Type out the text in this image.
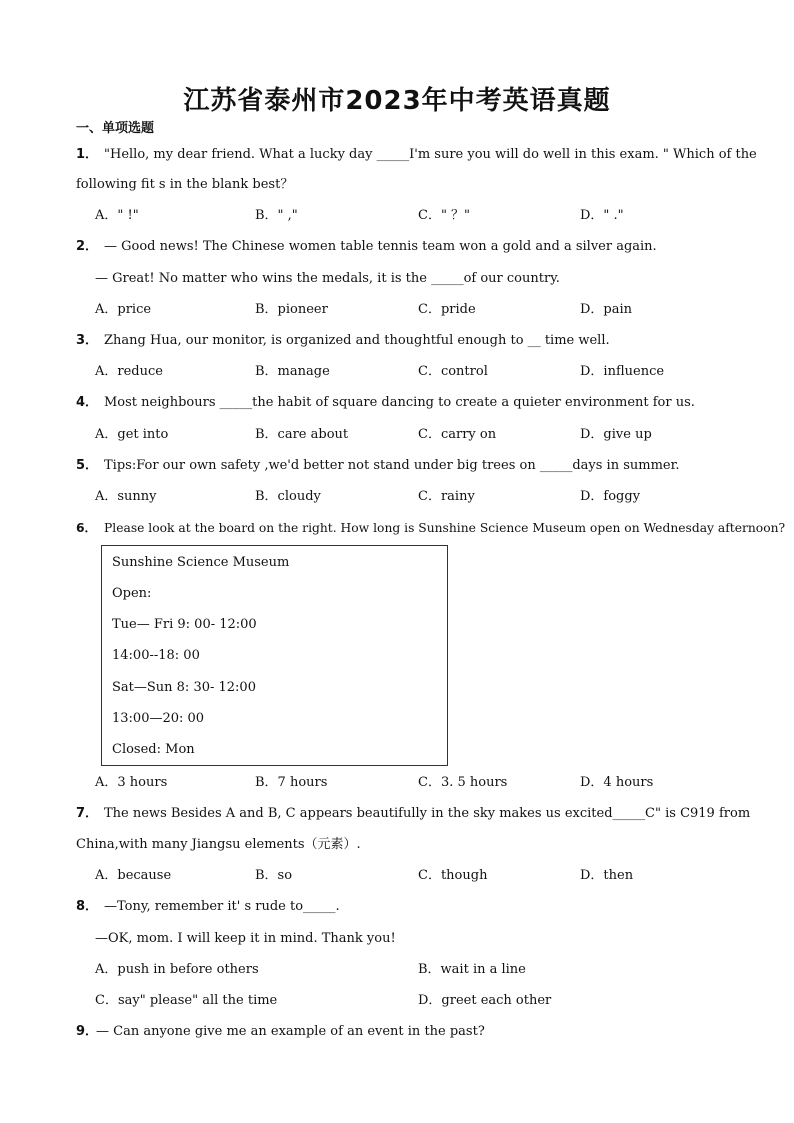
江苏省泰州市2023年中考英语真题
一、单项选题
1． "Hello, my dear friend. What a lucky day _____I'm sure you will do well in this exam. " Which of the
following fit s in the blank best？
A．" !"	B．" ,"	C．" ？"	D．" ."
2． — Good news! The Chinese women table tennis team won a gold and a silver again.
— Great! No matter who wins the medals, it is the _____of our country.
A．price	B．pioneer	C．pride	D．pain
3． Zhang Hua, our monitor, is organized and thoughtful enough to __ time well.
A．reduce	B．manage	C．control	D．influence
4． Most neighbours _____the habit of square dancing to create a quieter environment for us.
A．get into	B．care about	C．carry on	D．give up
5． Tips:For our own safety ,we'd better not stand under big trees on _____days in summer.
A．sunny	B．cloudy	C．rainy	D．foggy
6． Please look at the board on the right. How long is Sunshine Science Museum open on Wednesday afternoon?
Sunshine Science Museum
Open:
Tue— Fri 9: 00- 12:00
14:00--18: 00
Sat—Sun 8: 30- 12:00
13:00—20: 00
Closed: Mon
A．3 hours	B．7 hours	C．3. 5 hours	D．4 hours
7． The news Besides A and B, C appears beautifully in the sky makes us excited_____C" is C919 from
China,with many Jiangsu elements（元素）.
A．because	B．so	C．though	D．then
8． —Tony, remember it' s rude to_____.
—OK, mom. I will keep it in mind. Thank you!
A．push in before others	B．wait in a line
C．say" please" all the time	D．greet each other
9．— Can anyone give me an example of an event in the past?
